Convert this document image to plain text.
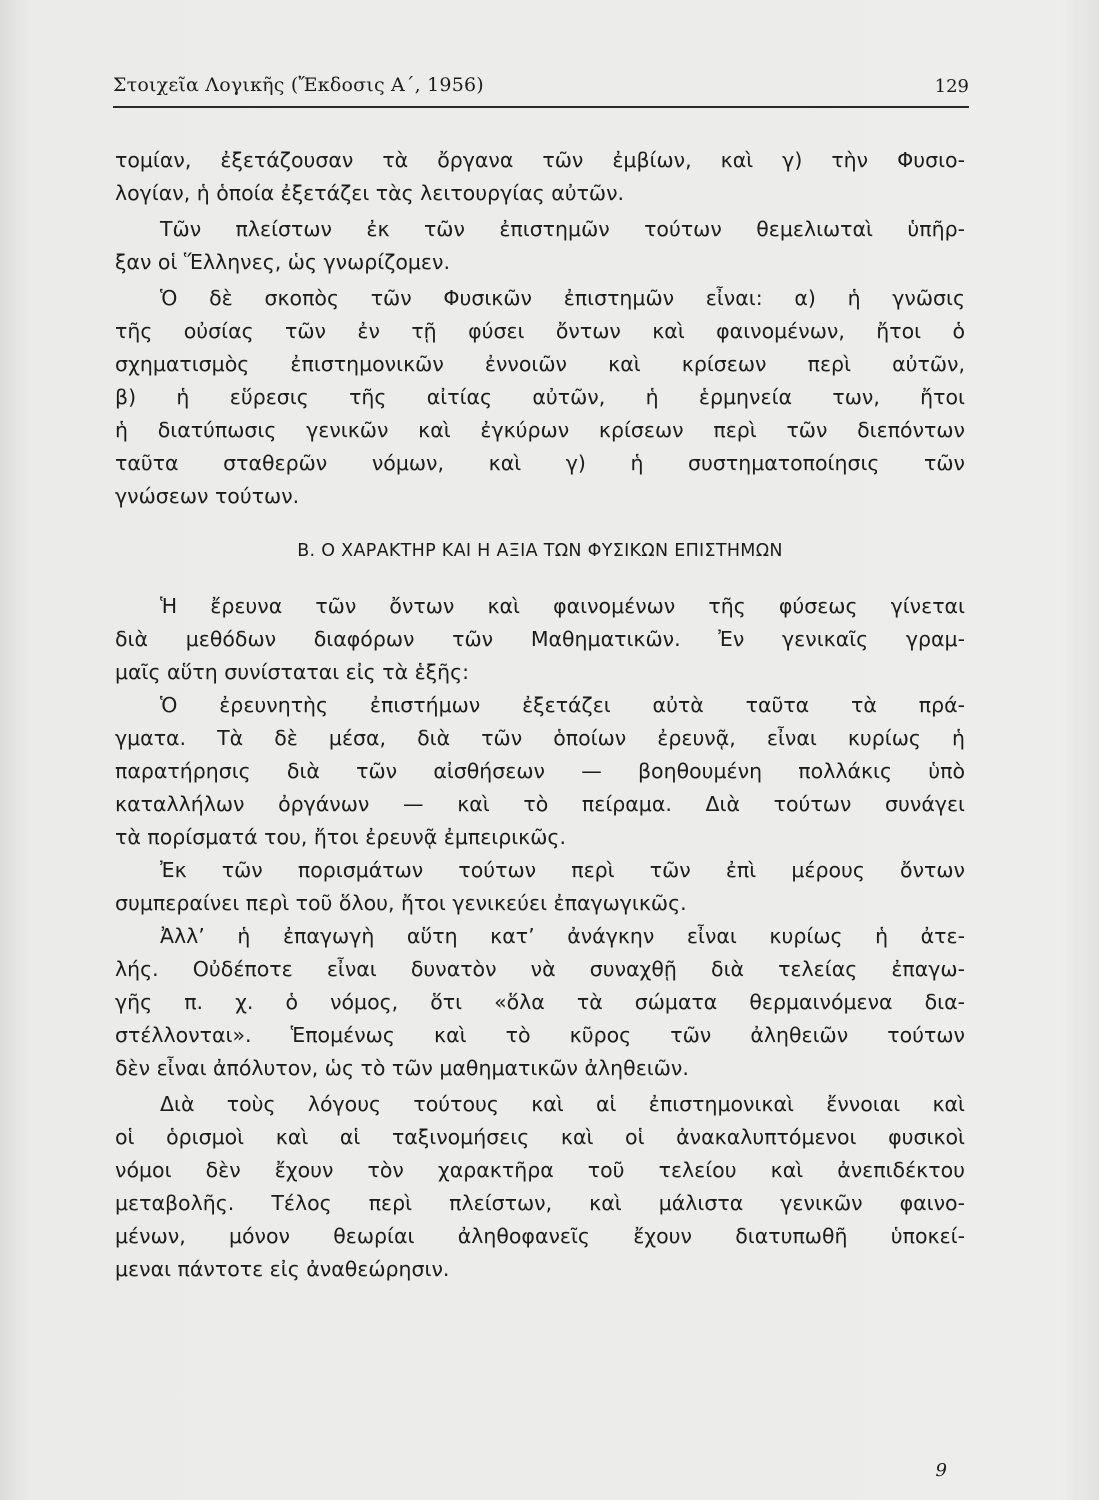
Στοιχεῖα Λογικῆς (Ἔκδοσις Α΄, 1956)	129
τομίαν, ἐξετάζουσαν τὰ ὄργανα τῶν ἐμβίων, καὶ γ) τὴν Φυσιο-
λογίαν, ἡ ὁποία ἐξετάζει τὰς λειτουργίας αὐτῶν.
Τῶν πλείστων ἐκ τῶν ἐπιστημῶν τούτων θεμελιωταὶ ὑπῆρ-
ξαν οἱ Ἕλληνες, ὡς γνωρίζομεν.
Ὁ δὲ σκοπὸς τῶν Φυσικῶν ἐπιστημῶν εἶναι: α) ἡ γνῶσις
τῆς οὐσίας τῶν ἐν τῇ φύσει ὄντων καὶ φαινομένων, ἤτοι ὁ
σχηματισμὸς ἐπιστημονικῶν ἐννοιῶν καὶ κρίσεων περὶ αὐτῶν,
β) ἡ εὕρεσις τῆς αἰτίας αὐτῶν, ἡ ἑρμηνεία των, ἤτοι
ἡ διατύπωσις γενικῶν καὶ ἐγκύρων κρίσεων περὶ τῶν διεπόντων
ταῦτα σταθερῶν νόμων, καὶ γ) ἡ συστηματοποίησις τῶν
γνώσεων τούτων.
Β. Ο ΧΑΡΑΚΤΗΡ ΚΑΙ Η ΑΞΙΑ ΤΩΝ ΦΥΣΙΚΩΝ ΕΠΙΣΤΗΜΩΝ
Ἡ ἔρευνα τῶν ὄντων καὶ φαινομένων τῆς φύσεως γίνεται
διὰ μεθόδων διαφόρων τῶν Μαθηματικῶν. Ἐν γενικαῖς γραμ-
μαῖς αὕτη συνίσταται εἰς τὰ ἑξῆς:
Ὁ ἐρευνητὴς ἐπιστήμων ἐξετάζει αὐτὰ ταῦτα τὰ πρά-
γματα. Τὰ δὲ μέσα, διὰ τῶν ὁποίων ἐρευνᾷ, εἶναι κυρίως ἡ
παρατήρησις διὰ τῶν αἰσθήσεων — βοηθουμένη πολλάκις ὑπὸ
καταλλήλων ὀργάνων — καὶ τὸ πείραμα. Διὰ τούτων συνάγει
τὰ πορίσματά του, ἤτοι ἐρευνᾷ ἐμπειρικῶς.
Ἐκ τῶν πορισμάτων τούτων περὶ τῶν ἐπὶ μέρους ὄντων
συμπεραίνει περὶ τοῦ ὅλου, ἤτοι γενικεύει ἐπαγωγικῶς.
Ἀλλ’ ἡ ἐπαγωγὴ αὕτη κατ’ ἀνάγκην εἶναι κυρίως ἡ ἀτε-
λής. Οὐδέποτε εἶναι δυνατὸν νὰ συναχθῇ διὰ τελείας ἐπαγω-
γῆς π. χ. ὁ νόμος, ὅτι «ὅλα τὰ σώματα θερμαινόμενα δια-
στέλλονται». Ἑπομένως καὶ τὸ κῦρος τῶν ἀληθειῶν τούτων
δὲν εἶναι ἀπόλυτον, ὡς τὸ τῶν μαθηματικῶν ἀληθειῶν.
Διὰ τοὺς λόγους τούτους καὶ αἱ ἐπιστημονικαὶ ἔννοιαι καὶ
οἱ ὁρισμοὶ καὶ αἱ ταξινομήσεις καὶ οἱ ἀνακαλυπτόμενοι φυσικοὶ
νόμοι δὲν ἔχουν τὸν χαρακτῆρα τοῦ τελείου καὶ ἀνεπιδέκτου
μεταβολῆς. Τέλος περὶ πλείστων, καὶ μάλιστα γενικῶν φαινο-
μένων, μόνον θεωρίαι ἀληθοφανεῖς ἔχουν διατυπωθῆ ὑποκεί-
μεναι πάντοτε εἰς ἀναθεώρησιν.
9
